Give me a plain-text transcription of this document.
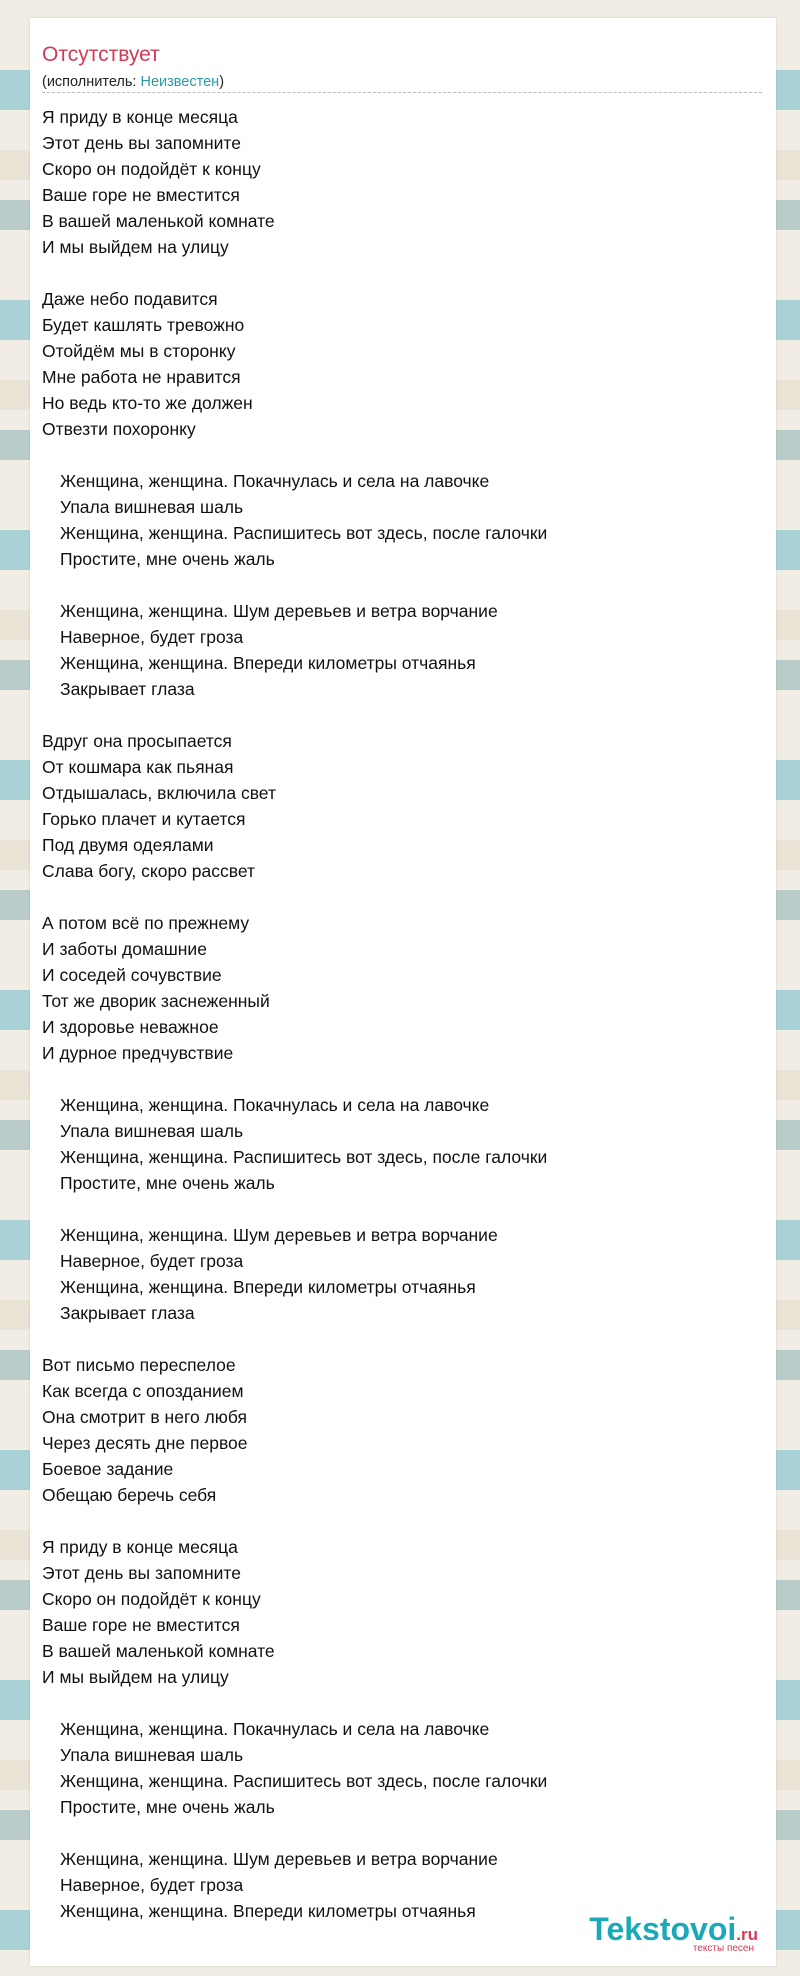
Отсутствует
(исполнитель: Неизвестен)
Я приду в конце месяца
Этот день вы запомните
Скоро он подойдёт к концу
Ваше горе не вместится
В вашей маленькой комнате
И мы выйдем на улицу
Даже небо подавится
Будет кашлять тревожно
Отойдём мы в сторонку
Мне работа не нравится
Но ведь кто-то же должен
Отвезти похоронку
Женщина, женщина. Покачнулась и села на лавочке
Упала вишневая шаль
Женщина, женщина. Распишитесь вот здесь, после галочки
Простите, мне очень жаль
Женщина, женщина. Шум деревьев и ветра ворчание
Наверное, будет гроза
Женщина, женщина. Впереди километры отчаянья
Закрывает глаза
Вдруг она просыпается
От кошмара как пьяная
Отдышалась, включила свет
Горько плачет и кутается
Под двумя одеялами
Слава богу, скоро рассвет
А потом всё по прежнему
И заботы домашние
И соседей сочувствие
Тот же дворик заснеженный
И здоровье неважное
И дурное предчувствие
Женщина, женщина. Покачнулась и села на лавочке
Упала вишневая шаль
Женщина, женщина. Распишитесь вот здесь, после галочки
Простите, мне очень жаль
Женщина, женщина. Шум деревьев и ветра ворчание
Наверное, будет гроза
Женщина, женщина. Впереди километры отчаянья
Закрывает глаза
Вот письмо переспелое
Как всегда с опозданием
Она смотрит в него любя
Через десять дне первое
Боевое задание
Обещаю беречь себя
Я приду в конце месяца
Этот день вы запомните
Скоро он подойдёт к концу
Ваше горе не вместится
В вашей маленькой комнате
И мы выйдем на улицу
Женщина, женщина. Покачнулась и села на лавочке
Упала вишневая шаль
Женщина, женщина. Распишитесь вот здесь, после галочки
Простите, мне очень жаль
Женщина, женщина. Шум деревьев и ветра ворчание
Наверное, будет гроза
Женщина, женщина. Впереди километры отчаянья	Tekstovoi.ru
тексты песен
